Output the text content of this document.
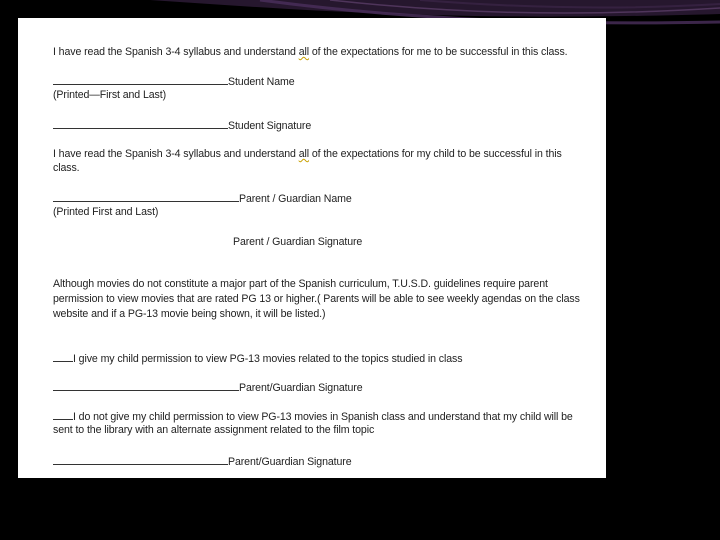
I have read the Spanish 3-4 syllabus and understand all of the expectations for me to be successful in this class.
Student Name
(Printed—First and Last)
Student Signature
I have read the Spanish 3-4 syllabus and understand all of the expectations for my child to be successful in this
class.
Parent / Guardian Name
(Printed First and Last)
Parent / Guardian Signature
Although movies do not constitute a major part of the Spanish curriculum, T.U.S.D. guidelines require parent
permission to view movies that are rated PG 13 or higher.( Parents will be able to see weekly agendas on the class
website and if a PG-13 movie being shown, it will be listed.)
I give my child permission to view PG-13 movies related to the topics studied in class
Parent/Guardian Signature
I do not give my child permission to view PG-13 movies in Spanish class and understand that my child will be
sent to the library with an alternate assignment related to the film topic
Parent/Guardian Signature
